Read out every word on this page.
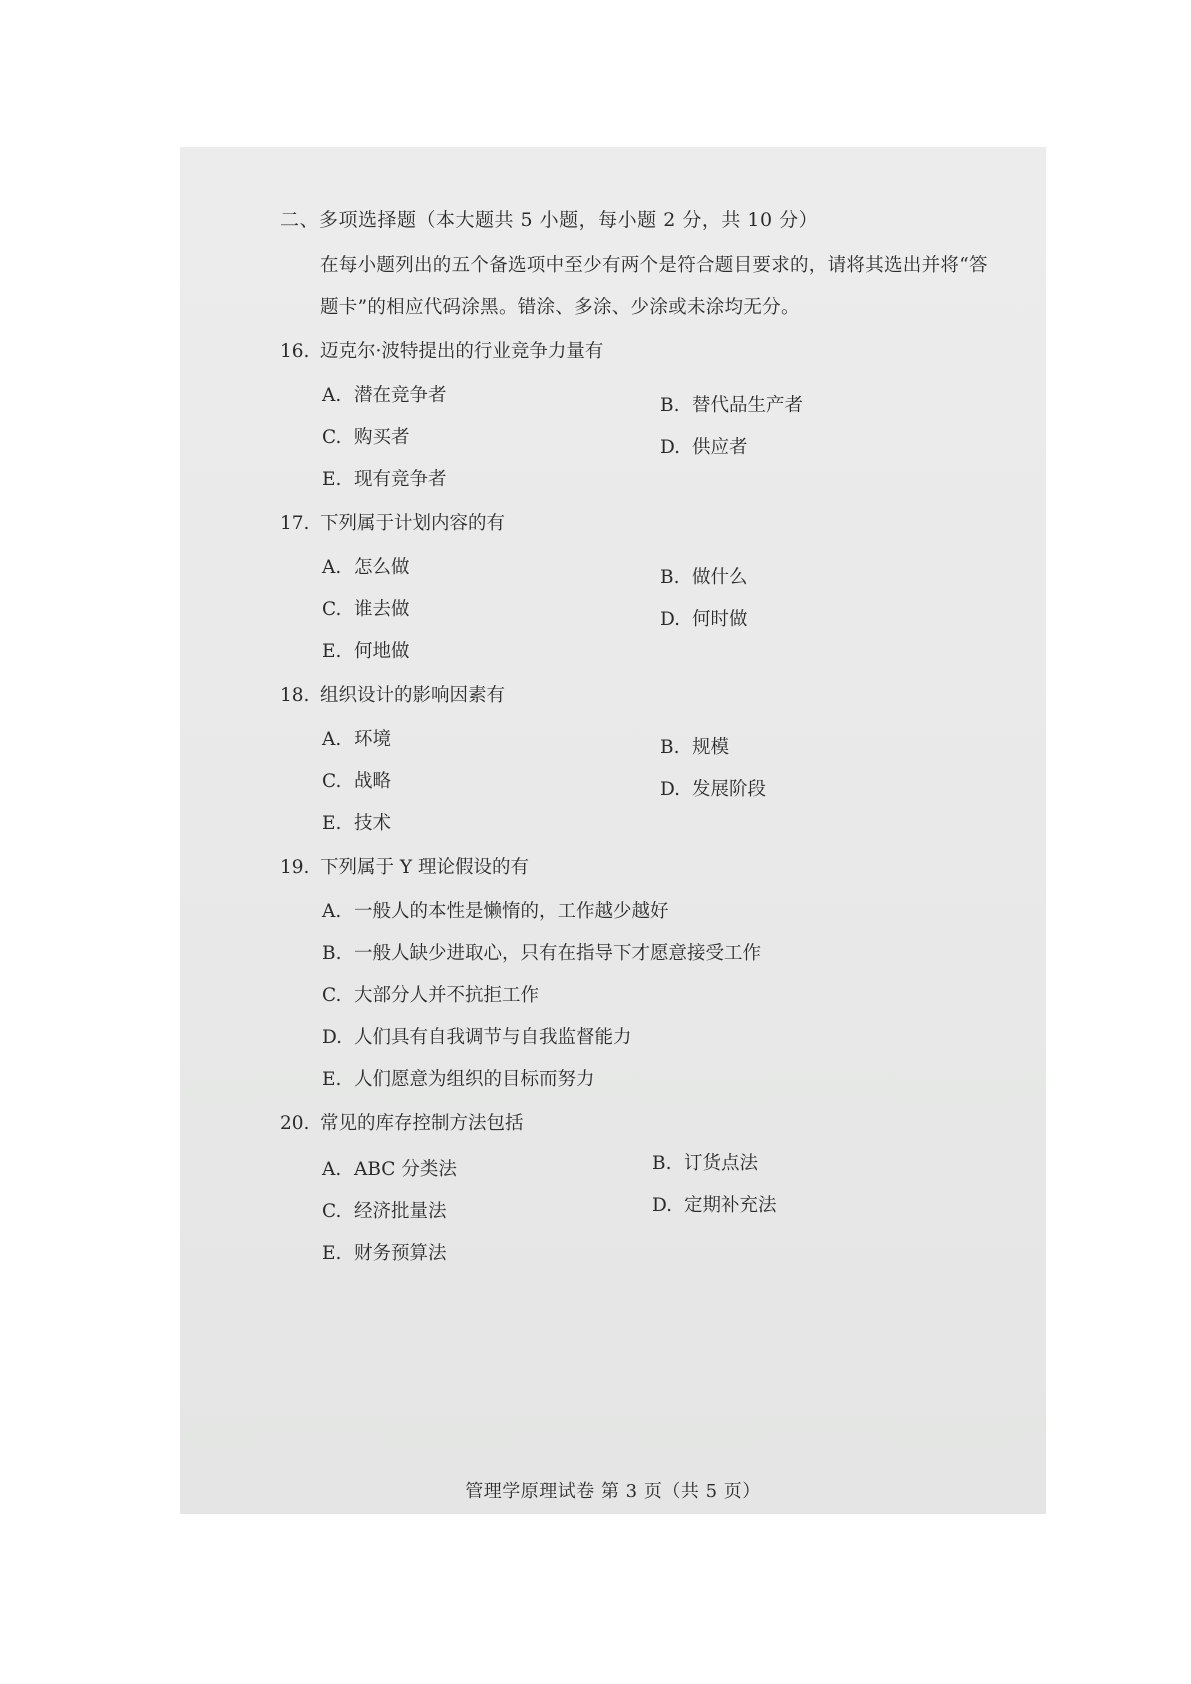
二、多项选择题（本大题共 5 小题，每小题 2 分，共 10 分）
在每小题列出的五个备选项中至少有两个是符合题目要求的，请将其选出并将“答
题卡”的相应代码涂黑。错涂、多涂、少涂或未涂均无分。
16. 迈克尔·波特提出的行业竞争力量有
A. 潜在竞争者	B. 替代品生产者
C. 购买者	D. 供应者
E. 现有竞争者
17. 下列属于计划内容的有
A. 怎么做	B. 做什么
C. 谁去做	D. 何时做
E. 何地做
18. 组织设计的影响因素有
A. 环境	B. 规模
C. 战略	D. 发展阶段
E. 技术
19. 下列属于 Y 理论假设的有
A. 一般人的本性是懒惰的，工作越少越好
B. 一般人缺少进取心，只有在指导下才愿意接受工作
C. 大部分人并不抗拒工作
D. 人们具有自我调节与自我监督能力
E. 人们愿意为组织的目标而努力
20. 常见的库存控制方法包括
A. ABC 分类法	B. 订货点法
C. 经济批量法	D. 定期补充法
E. 财务预算法
管理学原理试卷 第 3 页（共 5 页）
